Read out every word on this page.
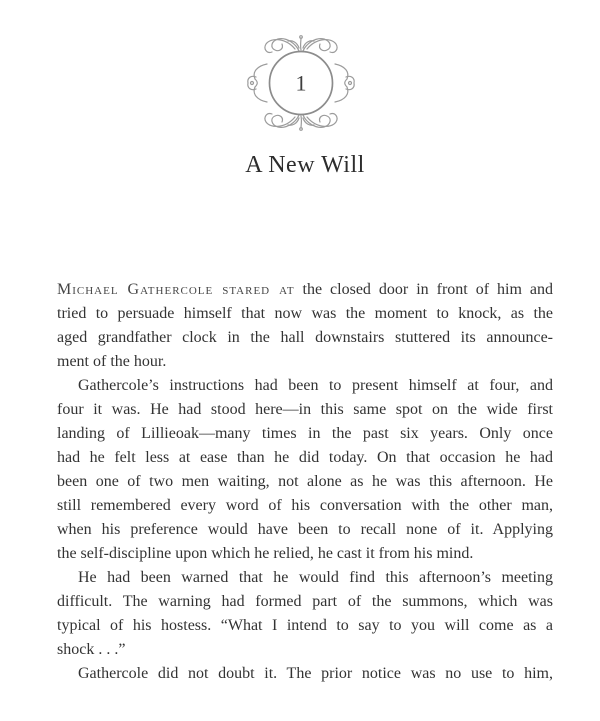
1
A New Will
Michael Gathercole stared at the closed door in front of him and
tried to persuade himself that now was the moment to knock, as the
aged grandfather clock in the hall downstairs stuttered its announce-
ment of the hour.
Gathercole’s instructions had been to present himself at four, and
four it was. He had stood here—in this same spot on the wide first
landing of Lillieoak—many times in the past six years. Only once
had he felt less at ease than he did today. On that occasion he had
been one of two men waiting, not alone as he was this afternoon. He
still remembered every word of his conversation with the other man,
when his preference would have been to recall none of it. Applying
the self-discipline upon which he relied, he cast it from his mind.
He had been warned that he would find this afternoon’s meeting
difficult. The warning had formed part of the summons, which was
typical of his hostess. “What I intend to say to you will come as a
shock . . .”
Gathercole did not doubt it. The prior notice was no use to him,
